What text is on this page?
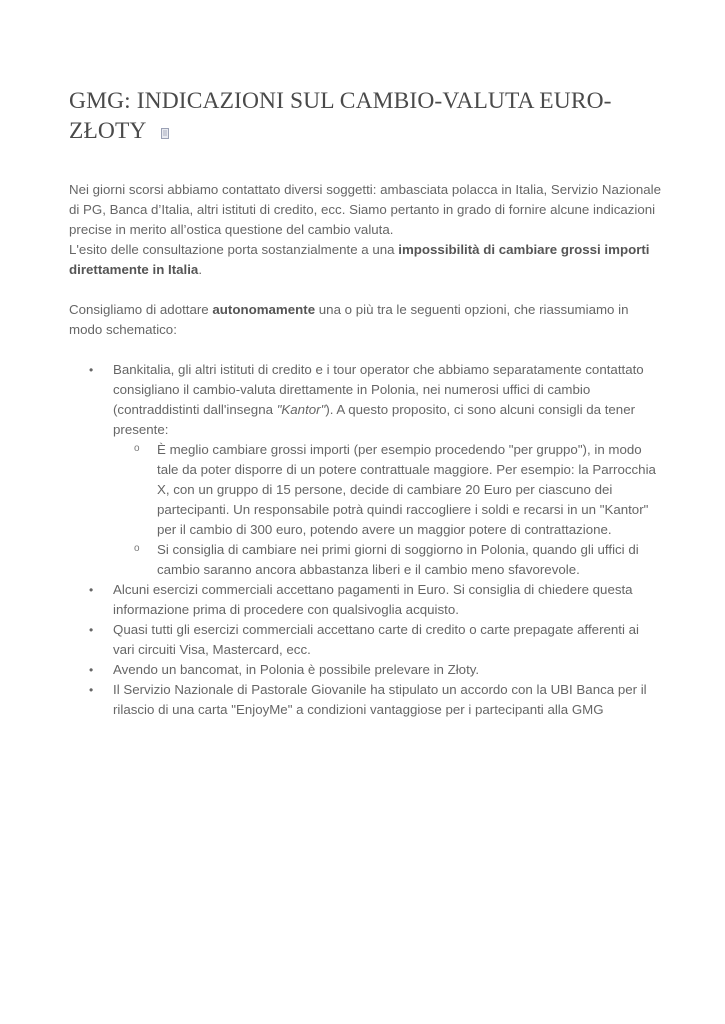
GMG: INDICAZIONI SUL CAMBIO-VALUTA EURO-
ZŁOTY

Nei giorni scorsi abbiamo contattato diversi soggetti: ambasciata polacca in Italia, Servizio Nazionale di PG, Banca d’Italia, altri istituti di credito, ecc. Siamo pertanto in grado di fornire alcune indicazioni precise in merito all’ostica questione del cambio valuta.

L'esito delle consultazione porta sostanzialmente a una impossibilità di cambiare grossi importi direttamente in Italia.

Consigliamo di adottare autonomamente una o più tra le seguenti opzioni, che riassumiamo in modo schematico:

• Bankitalia, gli altri istituti di credito e i tour operator che abbiamo separatamente contattato consigliano il cambio-valuta direttamente in Polonia, nei numerosi uffici di cambio (contraddistinti dall'insegna "Kantor"). A questo proposito, ci sono alcuni consigli da tener presente:
o È meglio cambiare grossi importi (per esempio procedendo "per gruppo"), in modo tale da poter disporre di un potere contrattuale maggiore. Per esempio: la Parrocchia X, con un gruppo di 15 persone, decide di cambiare 20 Euro per ciascuno dei partecipanti. Un responsabile potrà quindi raccogliere i soldi e recarsi in un "Kantor" per il cambio di 300 euro, potendo avere un maggior potere di contrattazione.
o Si consiglia di cambiare nei primi giorni di soggiorno in Polonia, quando gli uffici di cambio saranno ancora abbastanza liberi e il cambio meno sfavorevole.
• Alcuni esercizi commerciali accettano pagamenti in Euro. Si consiglia di chiedere questa informazione prima di procedere con qualsivoglia acquisto.
• Quasi tutti gli esercizi commerciali accettano carte di credito o carte prepagate afferenti ai vari circuiti Visa, Mastercard, ecc.
• Avendo un bancomat, in Polonia è possibile prelevare in Złoty.
• Il Servizio Nazionale di Pastorale Giovanile ha stipulato un accordo con la UBI Banca per il rilascio di una carta "EnjoyMe" a condizioni vantaggiose per i partecipanti alla GMG
